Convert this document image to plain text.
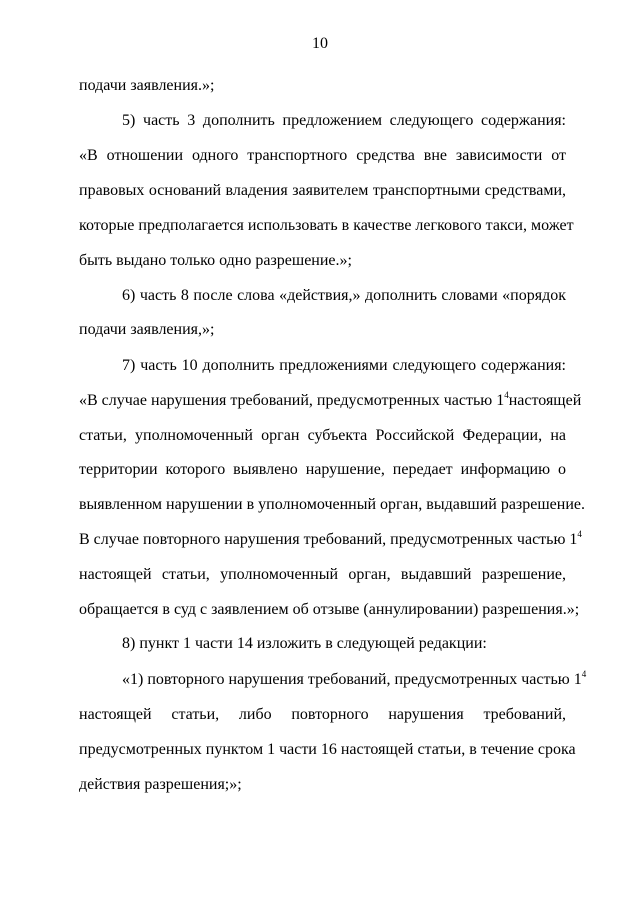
10
подачи заявления.»;
5) часть 3 дополнить предложением следующего содержания:
«В отношении одного транспортного средства вне зависимости от
правовых оснований владения заявителем транспортными средствами,
которые предполагается использовать в качестве легкового такси, может
быть выдано только одно разрешение.»;
6) часть 8 после слова «действия,» дополнить словами «порядок
подачи заявления,»;
7) часть 10 дополнить предложениями следующего содержания:
«В случае нарушения требований, предусмотренных частью $1^4$ настоящей
статьи, уполномоченный орган субъекта Российской Федерации, на
территории которого выявлено нарушение, передает информацию о
выявленном нарушении в уполномоченный орган, выдавший разрешение.
В случае повторного нарушения требований, предусмотренных частью $1^4$
настоящей статьи, уполномоченный орган, выдавший разрешение,
обращается в суд с заявлением об отзыве (аннулировании) разрешения.»;
8) пункт 1 части 14 изложить в следующей редакции:
«1) повторного нарушения требований, предусмотренных частью $1^4$
настоящей статьи, либо повторного нарушения требований,
предусмотренных пунктом 1 части 16 настоящей статьи, в течение срока
действия разрешения;»;
